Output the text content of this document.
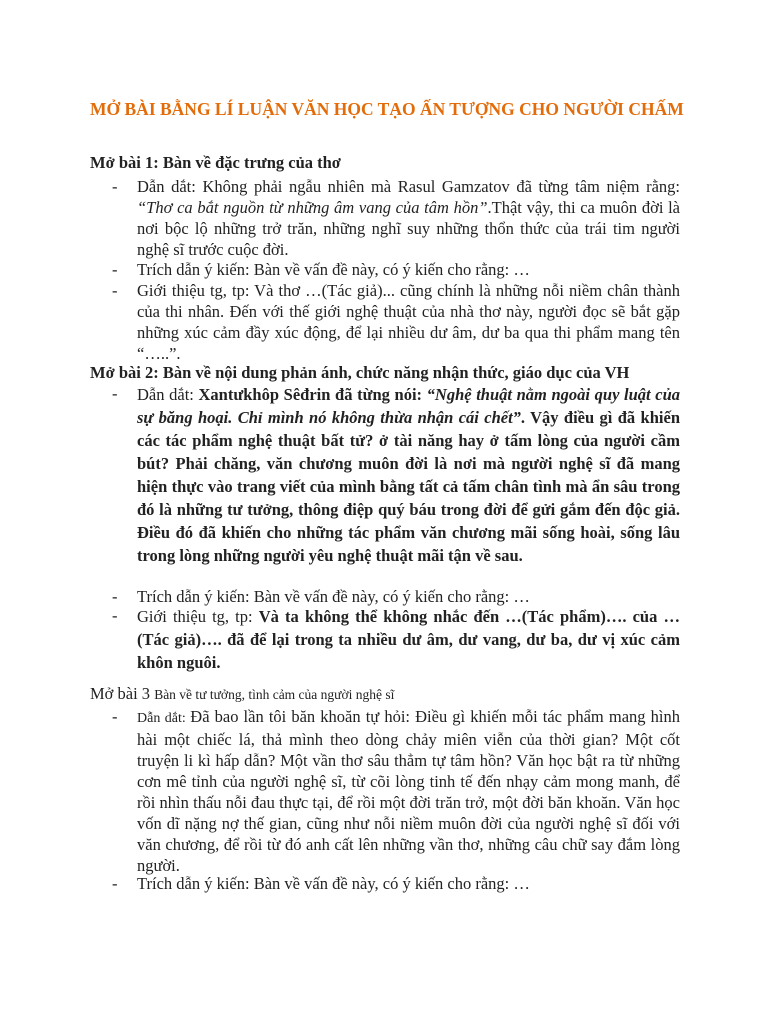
MỞ BÀI BẰNG LÍ LUẬN VĂN HỌC TẠO ẤN TƯỢNG CHO NGƯỜI CHẤM

Mở bài 1: Bàn về đặc trưng của thơ

-	Dẫn dắt: Không phải ngẫu nhiên mà Rasul Gamzatov đã từng tâm niệm rằng: “Thơ ca bắt nguồn từ những âm vang của tâm hồn”.Thật vậy, thi ca muôn đời là nơi bộc lộ những trở trăn, những nghĩ suy những thổn thức của trái tim người nghệ sĩ trước cuộc đời.
-	Trích dẫn ý kiến: Bàn về vấn đề này, có ý kiến cho rằng: …
-	Giới thiệu tg, tp: Và thơ …(Tác giả)... cũng chính là những nỗi niềm chân thành của thi nhân. Đến với thế giới nghệ thuật của nhà thơ này, người đọc sẽ bắt gặp những xúc cảm đầy xúc động, để lại nhiều dư âm, dư ba qua thi phẩm mang tên “…..”.

Mở bài 2: Bàn về nội dung phản ánh, chức năng nhận thức, giáo dục của VH

-	Dẫn dắt: Xantưkhôp Sêđrin đã từng nói: “Nghệ thuật nằm ngoài quy luật của sự băng hoại. Chỉ mình nó không thừa nhận cái chết”. Vậy điều gì đã khiến các tác phẩm nghệ thuật bất tử? ở tài năng hay ở tấm lòng của người cầm bút? Phải chăng, văn chương muôn đời là nơi mà người nghệ sĩ đã mang hiện thực vào trang viết của mình bằng tất cả tấm chân tình mà ẩn sâu trong đó là những tư tưởng, thông điệp quý báu trong đời để gửi gắm đến độc giả. Điều đó đã khiến cho những tác phẩm văn chương mãi sống hoài, sống lâu trong lòng những người yêu nghệ thuật mãi tận về sau.
-	Trích dẫn ý kiến: Bàn về vấn đề này, có ý kiến cho rằng: …
-	Giới thiệu tg, tp: Và ta không thể không nhắc đến …(Tác phẩm)…. của …(Tác giả)…. đã để lại trong ta nhiều dư âm, dư vang, dư ba, dư vị xúc cảm khôn nguôi.

Mở bài 3 Bàn về tư tưởng, tình cảm của người nghệ sĩ

-	Dẫn dắt: Đã bao lần tôi băn khoăn tự hỏi: Điều gì khiến mỗi tác phẩm mang hình hài một chiếc lá, thả mình theo dòng chảy miên viễn của thời gian? Một cốt truyện li kì hấp dẫn? Một vần thơ sâu thẳm tự tâm hồn? Văn học bật ra từ những cơn mê tỉnh của người nghệ sĩ, từ cõi lòng tinh tế đến nhạy cảm mong manh, để rồi nhìn thấu nỗi đau thực tại, để rồi một đời trăn trở, một đời băn khoăn. Văn học vốn dĩ nặng nợ thế gian, cũng như nỗi niềm muôn đời của người nghệ sĩ đối với văn chương, để rồi từ đó anh cất lên những vần thơ, những câu chữ say đắm lòng người.
-	Trích dẫn ý kiến: Bàn về vấn đề này, có ý kiến cho rằng: …
